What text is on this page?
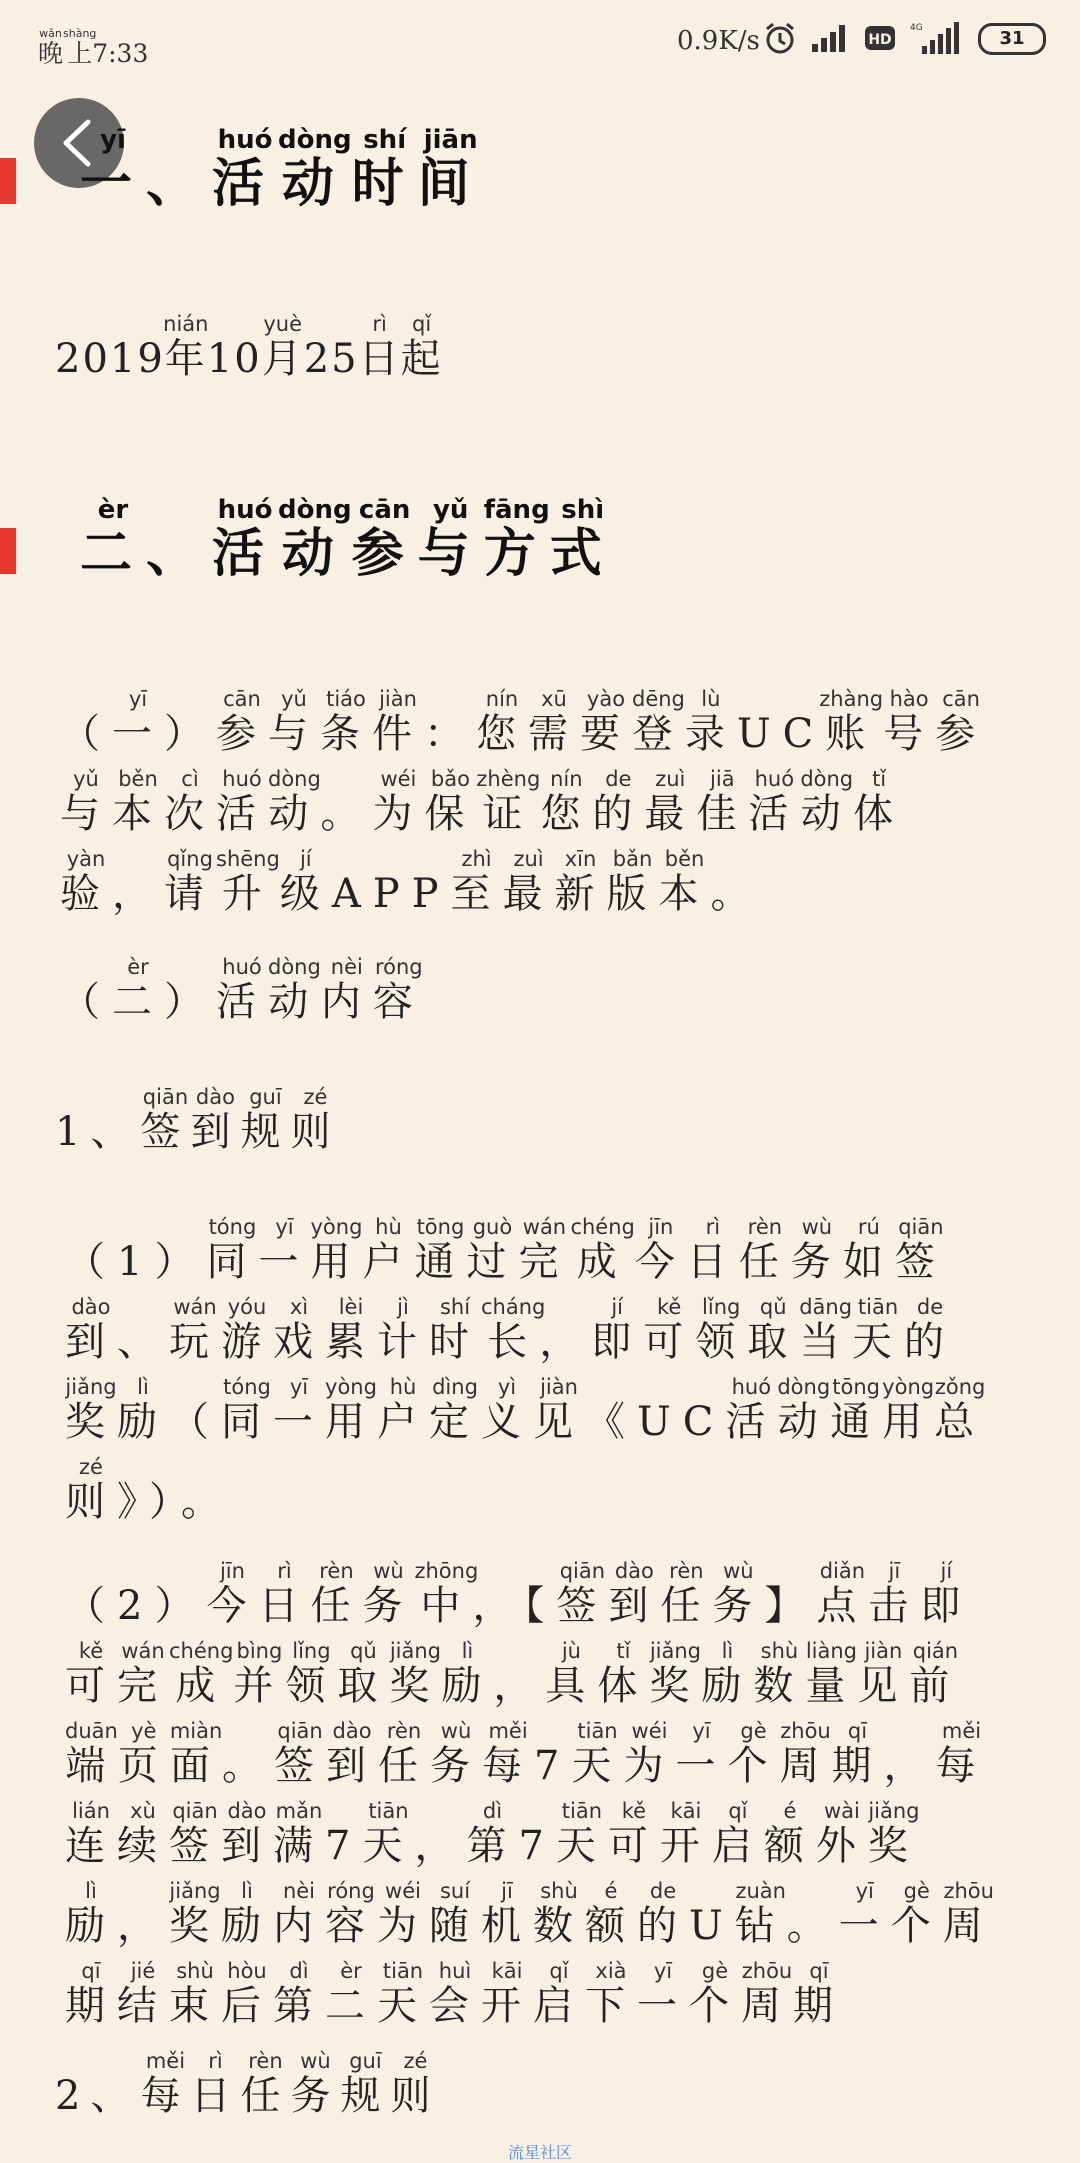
晚wǎn上shàng7:33	0.9K/s	HD
4G	31
一yī、活huó动dòng时shí间jiān
2019年nián10月yuè25日rì起qǐ
二èr、活huó动dòng参cān与yǔ方fāng式shì
（一yī）参cān与yǔ条tiáo件jiàn：您nín需xū要yào登dēng录lùUC账zhàng号hào参cān
与yǔ本běn次cì活huó动dòng。为wéi保bǎo证zhèng您nín的de最zuì佳jiā活huó动dòng体tǐ
验yàn，请qǐng升shēng级jíAPP至zhì最zuì新xīn版bǎn本běn。
（二èr）活huó动dòng内nèi容róng
1、签qiān到dào规guī则zé
（1）同tóng一yī用yòng户hù通tōng过guò完wán成chéng今jīn日rì任rèn务wù如rú签qiān
到dào、玩wán游yóu戏xì累lèi计jì时shí长cháng，即jí可kě领lǐng取qǔ当dāng天tiān的de
奖jiǎng励lì（同tóng一yī用yòng户hù定dìng义yì见jiàn《UC活huó动dòng通tōng用yòng总zǒng
则zé》）。
（2）今jīn日rì任rèn务wù中zhōng，【签qiān到dào任rèn务wù】点diǎn击jī即jí
可kě完wán成chéng并bìng领lǐng取qǔ奖jiǎng励lì，具jù体tǐ奖jiǎng励lì数shù量liàng见jiàn前qián
端duān页yè面miàn。签qiān到dào任rèn务wù每měi7天tiān为wéi一yī个gè周zhōu期qī，每měi
连lián续xù签qiān到dào满mǎn7天tiān，第dì7天tiān可kě开kāi启qǐ额é外wài奖jiǎng
励lì，奖jiǎng励lì内nèi容róng为wéi随suí机jī数shù额é的deU钻zuàn。一yī个gè周zhōu
期qī结jié束shù后hòu第dì二èr天tiān会huì开kāi启qǐ下xià一yī个gè周zhōu期qī
2、每měi日rì任rèn务wù规guī则zé
流星社区
